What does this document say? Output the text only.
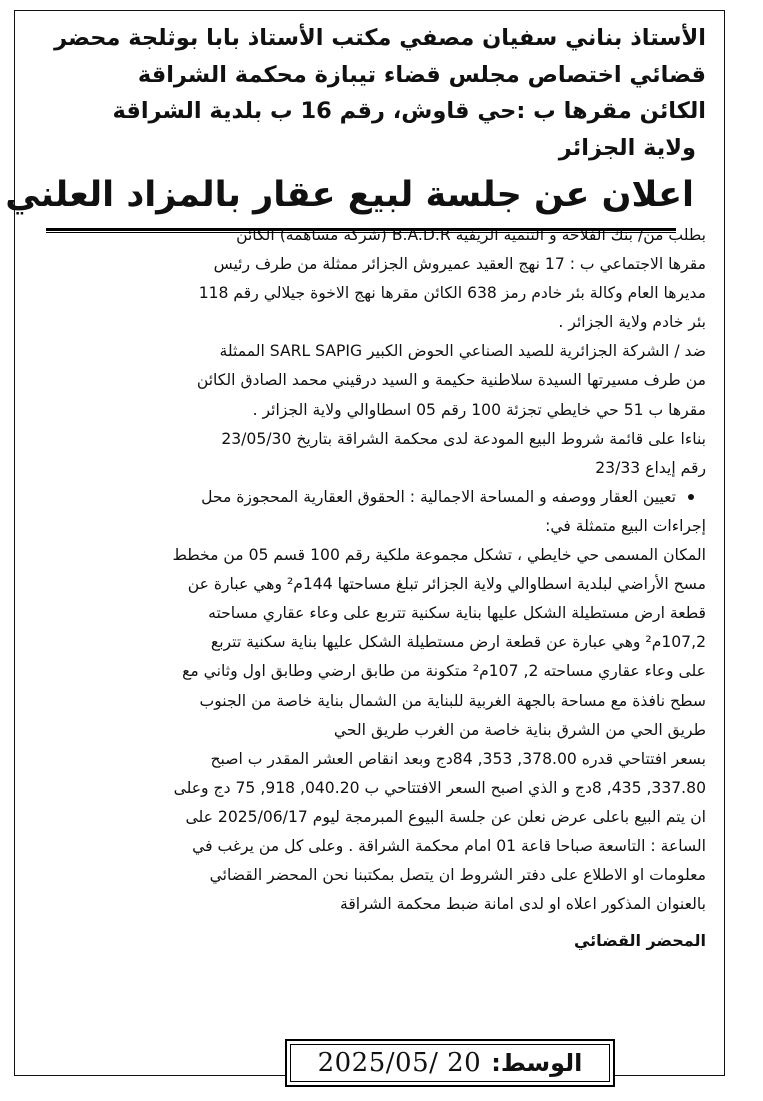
الأستاذ بناني سفيان مصفي مكتب الأستاذ بابا بوثلجة محضر
قضائي اختصاص مجلس قضاء تيبازة محكمة الشراقة
الكائن مقرها ب :حي قاوش، رقم 16 ب بلدية الشراقة
ولاية الجزائر
اعلان عن جلسة لبيع عقار بالمزاد العلني

بطلب من/ بنك الفلاحة و التنمية الريفية B.A.D.R (شركة مساهمة) الكائن

مقرها الاجتماعي ب : 17 نهج العقيد عميروش الجزائر ممثلة من طرف رئيس

مديرها العام وكالة بئر خادم رمز 638 الكائن مقرها نهج الاخوة جيلالي رقم 118

بئر خادم ولاية الجزائر .

ضد / الشركة الجزائرية للصيد الصناعي الحوض الكبير SARL SAPIG الممثلة

من طرف مسيرتها السيدة سلاطنية حكيمة و السيد درقيني محمد الصادق الكائن

مقرها ب 51 حي خايطي تجزئة 100 رقم 05 اسطاوالي ولاية الجزائر .

بناءا على قائمة شروط البيع المودعة لدى محكمة الشراقة بتاريخ 23/05/30

رقم إيداع 23/33

تعيين العقار ووصفه و المساحة الاجمالية : الحقوق العقارية المحجوزة محل

إجراءات البيع متمثلة في:

المكان المسمى حي خايطي ، تشكل مجموعة ملكية رقم 100 قسم 05 من مخطط

مسح الأراضي لبلدية اسطاوالي ولاية الجزائر تبلغ مساحتها 144م² وهي عبارة عن

قطعة ارض مستطيلة الشكل عليها بناية سكنية تتربع على وعاء عقاري مساحته

107,2م² وهي عبارة عن قطعة ارض مستطيلة الشكل عليها بناية سكنية تتربع

على وعاء عقاري مساحته 2, 107م² متكونة من طابق ارضي وطابق اول وثاني مع

سطح نافذة مع مساحة بالجهة الغربية للبناية من الشمال بناية خاصة من الجنوب

طريق الحي من الشرق بناية خاصة من الغرب طريق الحي

بسعر افتتاحي قدره 378.00, 353, 84دج وبعد انقاص العشر المقدر ب اصبح

337.80, 435, 8دج و الذي اصبح السعر الافتتاحي ب 040.20, 918, 75 دج وعلى

ان يتم البيع باعلى عرض نعلن عن جلسة البيوع المبرمجة ليوم 2025/06/17 على

الساعة : التاسعة صباحا قاعة 01 امام محكمة الشراقة . وعلى كل من يرغب في

معلومات او الاطلاع على دفتر الشروط ان يتصل بمكتبنا نحن المحضر القضائي

بالعنوان المذكور اعلاه او لدى امانة ضبط محكمة الشراقة

المحضر القضائي
2025/05/ 20 الوسط:
